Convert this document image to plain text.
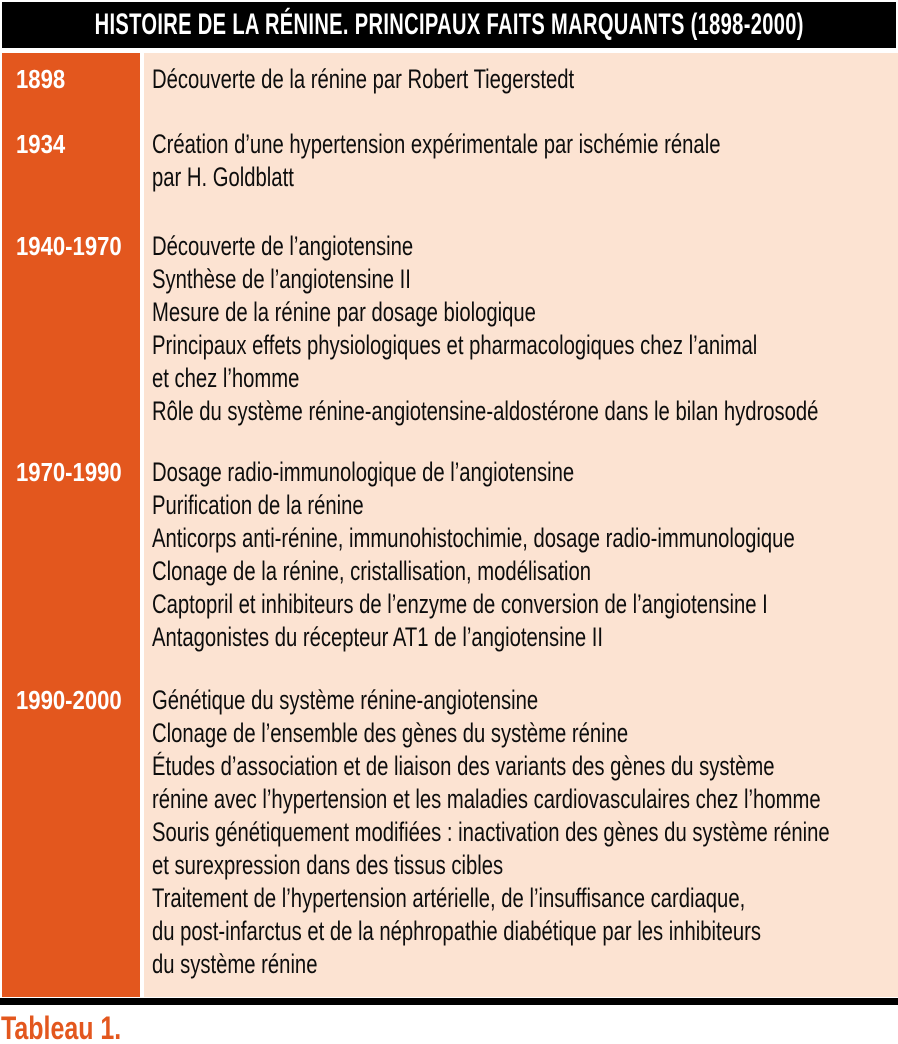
HISTOIRE DE LA RÉNINE. PRINCIPAUX FAITS MARQUANTS (1898-2000)
1898	Découverte de la rénine par Robert Tiegerstedt
1934	Création d’une hypertension expérimentale par ischémie rénale
par H. Goldblatt
1940-1970	Découverte de l’angiotensine
Synthèse de l’angiotensine II
Mesure de la rénine par dosage biologique
Principaux effets physiologiques et pharmacologiques chez l’animal
et chez l’homme
Rôle du système rénine-angiotensine-aldostérone dans le bilan hydrosodé
1970-1990	Dosage radio-immunologique de l’angiotensine
Purification de la rénine
Anticorps anti-rénine, immunohistochimie, dosage radio-immunologique
Clonage de la rénine, cristallisation, modélisation
Captopril et inhibiteurs de l’enzyme de conversion de l’angiotensine I
Antagonistes du récepteur AT1 de l’angiotensine II
1990-2000	Génétique du système rénine-angiotensine
Clonage de l’ensemble des gènes du système rénine
Études d’association et de liaison des variants des gènes du système
rénine avec l’hypertension et les maladies cardiovasculaires chez l’homme
Souris génétiquement modifiées : inactivation des gènes du système rénine
et surexpression dans des tissus cibles
Traitement de l’hypertension artérielle, de l’insuffisance cardiaque,
du post-infarctus et de la néphropathie diabétique par les inhibiteurs
du système rénine
Tableau 1.
